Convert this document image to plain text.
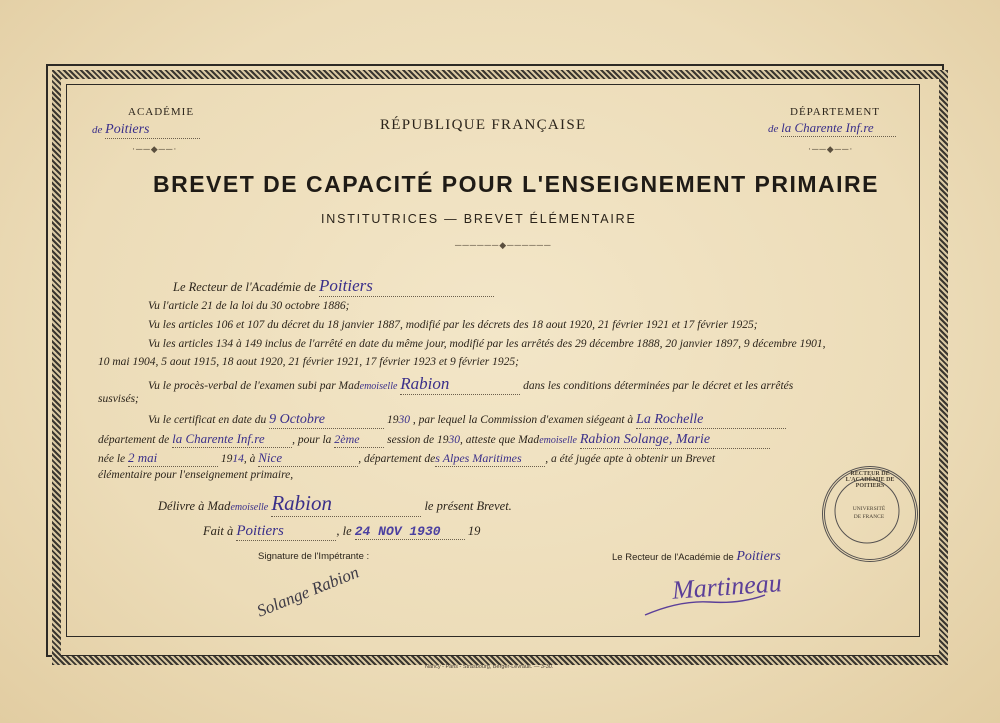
ACADÉMIE
de Poitiers
·──◆──·
RÉPUBLIQUE FRANÇAISE
DÉPARTEMENT
de la Charente Inf.re
·──◆──·
BREVET DE CAPACITÉ POUR L'ENSEIGNEMENT PRIMAIRE
INSTITUTRICES — BREVET ÉLÉMENTAIRE
──────◆──────
Le Recteur de l'Académie de Poitiers
Vu l'article 21 de la loi du 30 octobre 1886;
Vu les articles 106 et 107 du décret du 18 janvier 1887, modifié par les décrets des 18 aout 1920, 21 février 1921 et 17 février 1925;
Vu les articles 134 à 149 inclus de l'arrêté en date du même jour, modifié par les arrêtés des 29 décembre 1888, 20 janvier 1897, 9 décembre 1901,
10 mai 1904, 5 aout 1915, 18 aout 1920, 21 février 1921, 17 février 1923 et 9 février 1925;
Vu le procès-verbal de l'examen subi par Mademoiselle Rabion	dans les conditions déterminées par le décret et les arrêtés
susvisés;
Vu le certificat en date du 9 Octobre	1930 , par lequel la Commission d'examen siégeant à La Rochelle
département de la Charente Inf.re , pour la 2ème session de 1930, atteste que Mademoiselle Rabion Solange, Marie
née le 2 mai	1914, à Nice	, département des Alpes Maritimes , a été jugée apte à obtenir un Brevet
élémentaire pour l'enseignement primaire,
Délivre à Mademoiselle Rabion	le présent Brevet.
Fait à Poitiers	, le 24 NOV 1930 19
Signature de l'Impétrante :
Solange Rabion
Le Recteur de l'Académie de Poitiers
Martineau
RECTEUR DE L'ACADÉMIE DE POITIERS
UNIVERSITÉ DE FRANCE
Nancy - Paris - Strasbourg, Berger-Levrault. — 3-30.
